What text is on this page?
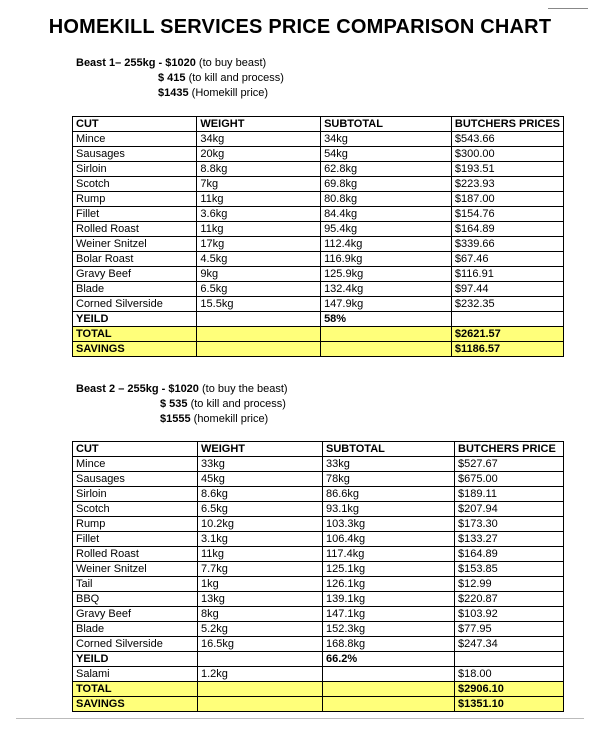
HOMEKILL SERVICES PRICE COMPARISON CHART
Beast 1– 255kg - $1020 (to buy beast)
$ 415 (to kill and process)
$1435 (Homekill price)
CUT	WEIGHT	SUBTOTAL	BUTCHERS PRICES
Mince	34kg	34kg	$543.66
Sausages	20kg	54kg	$300.00
Sirloin	8.8kg	62.8kg	$193.51
Scotch	7kg	69.8kg	$223.93
Rump	11kg	80.8kg	$187.00
Fillet	3.6kg	84.4kg	$154.76
Rolled Roast	11kg	95.4kg	$164.89
Weiner Snitzel	17kg	112.4kg	$339.66
Bolar Roast	4.5kg	116.9kg	$67.46
Gravy Beef	9kg	125.9kg	$116.91
Blade	6.5kg	132.4kg	$97.44
Corned Silverside	15.5kg	147.9kg	$232.35
YEILD		58%	
TOTAL			$2621.57
SAVINGS			$1186.57
Beast 2 – 255kg - $1020 (to buy the beast)
$ 535 (to kill and process)
$1555 (homekill price)
CUT	WEIGHT	SUBTOTAL	BUTCHERS PRICE
Mince	33kg	33kg	$527.67
Sausages	45kg	78kg	$675.00
Sirloin	8.6kg	86.6kg	$189.11
Scotch	6.5kg	93.1kg	$207.94
Rump	10.2kg	103.3kg	$173.30
Fillet	3.1kg	106.4kg	$133.27
Rolled Roast	11kg	117.4kg	$164.89
Weiner Snitzel	7.7kg	125.1kg	$153.85
Tail	1kg	126.1kg	$12.99
BBQ	13kg	139.1kg	$220.87
Gravy Beef	8kg	147.1kg	$103.92
Blade	5.2kg	152.3kg	$77.95
Corned Silverside	16.5kg	168.8kg	$247.34
YEILD		66.2%	
Salami	1.2kg		$18.00
TOTAL			$2906.10
SAVINGS			$1351.10
